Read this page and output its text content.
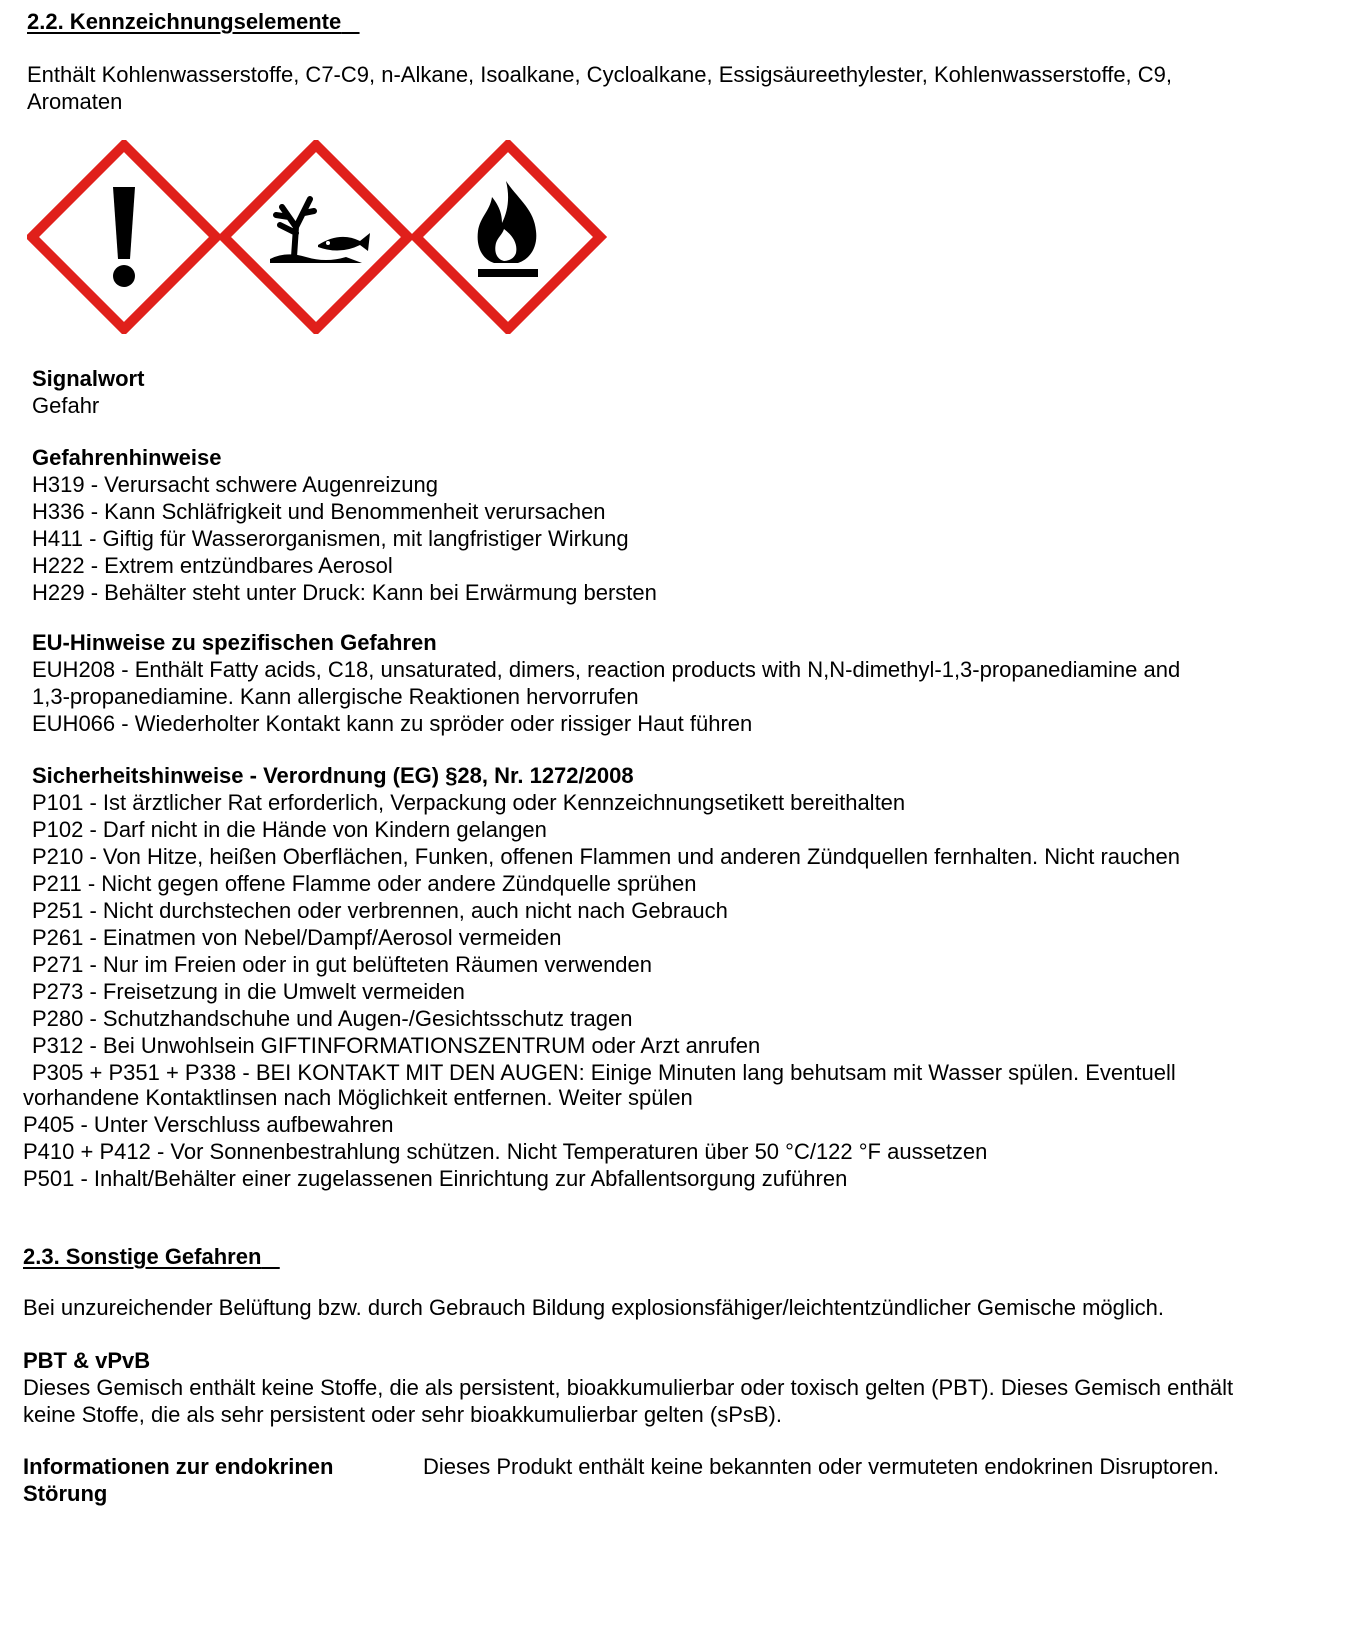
2.2. Kennzeichnungselemente
Enthält Kohlenwasserstoffe, C7-C9, n-Alkane, Isoalkane, Cycloalkane, Essigsäureethylester, Kohlenwasserstoffe, C9,
Aromaten
Signalwort
Gefahr
Gefahrenhinweise
H319 - Verursacht schwere Augenreizung
H336 - Kann Schläfrigkeit und Benommenheit verursachen
H411 - Giftig für Wasserorganismen, mit langfristiger Wirkung
H222 - Extrem entzündbares Aerosol
H229 - Behälter steht unter Druck: Kann bei Erwärmung bersten
EU-Hinweise zu spezifischen Gefahren
EUH208 - Enthält Fatty acids, C18, unsaturated, dimers, reaction products with N,N-dimethyl-1,3-propanediamine and
1,3-propanediamine. Kann allergische Reaktionen hervorrufen
EUH066 - Wiederholter Kontakt kann zu spröder oder rissiger Haut führen
Sicherheitshinweise - Verordnung (EG) §28, Nr. 1272/2008
P101 - Ist ärztlicher Rat erforderlich, Verpackung oder Kennzeichnungsetikett bereithalten
P102 - Darf nicht in die Hände von Kindern gelangen
P210 - Von Hitze, heißen Oberflächen, Funken, offenen Flammen und anderen Zündquellen fernhalten. Nicht rauchen
P211 - Nicht gegen offene Flamme oder andere Zündquelle sprühen
P251 - Nicht durchstechen oder verbrennen, auch nicht nach Gebrauch
P261 - Einatmen von Nebel/Dampf/Aerosol vermeiden
P271 - Nur im Freien oder in gut belüfteten Räumen verwenden
P273 - Freisetzung in die Umwelt vermeiden
P280 - Schutzhandschuhe und Augen-/Gesichtsschutz tragen
P312 - Bei Unwohlsein GIFTINFORMATIONSZENTRUM oder Arzt anrufen
P305 + P351 + P338 - BEI KONTAKT MIT DEN AUGEN: Einige Minuten lang behutsam mit Wasser spülen. Eventuell
vorhandene Kontaktlinsen nach Möglichkeit entfernen. Weiter spülen
P405 - Unter Verschluss aufbewahren
P410 + P412 - Vor Sonnenbestrahlung schützen. Nicht Temperaturen über 50 °C/122 °F aussetzen
P501 - Inhalt/Behälter einer zugelassenen Einrichtung zur Abfallentsorgung zuführen
2.3. Sonstige Gefahren
Bei unzureichender Belüftung bzw. durch Gebrauch Bildung explosionsfähiger/leichtentzündlicher Gemische möglich.
PBT & vPvB
Dieses Gemisch enthält keine Stoffe, die als persistent, bioakkumulierbar oder toxisch gelten (PBT). Dieses Gemisch enthält
keine Stoffe, die als sehr persistent oder sehr bioakkumulierbar gelten (sPsB).
Informationen zur endokrinen
Störung
Dieses Produkt enthält keine bekannten oder vermuteten endokrinen Disruptoren.
